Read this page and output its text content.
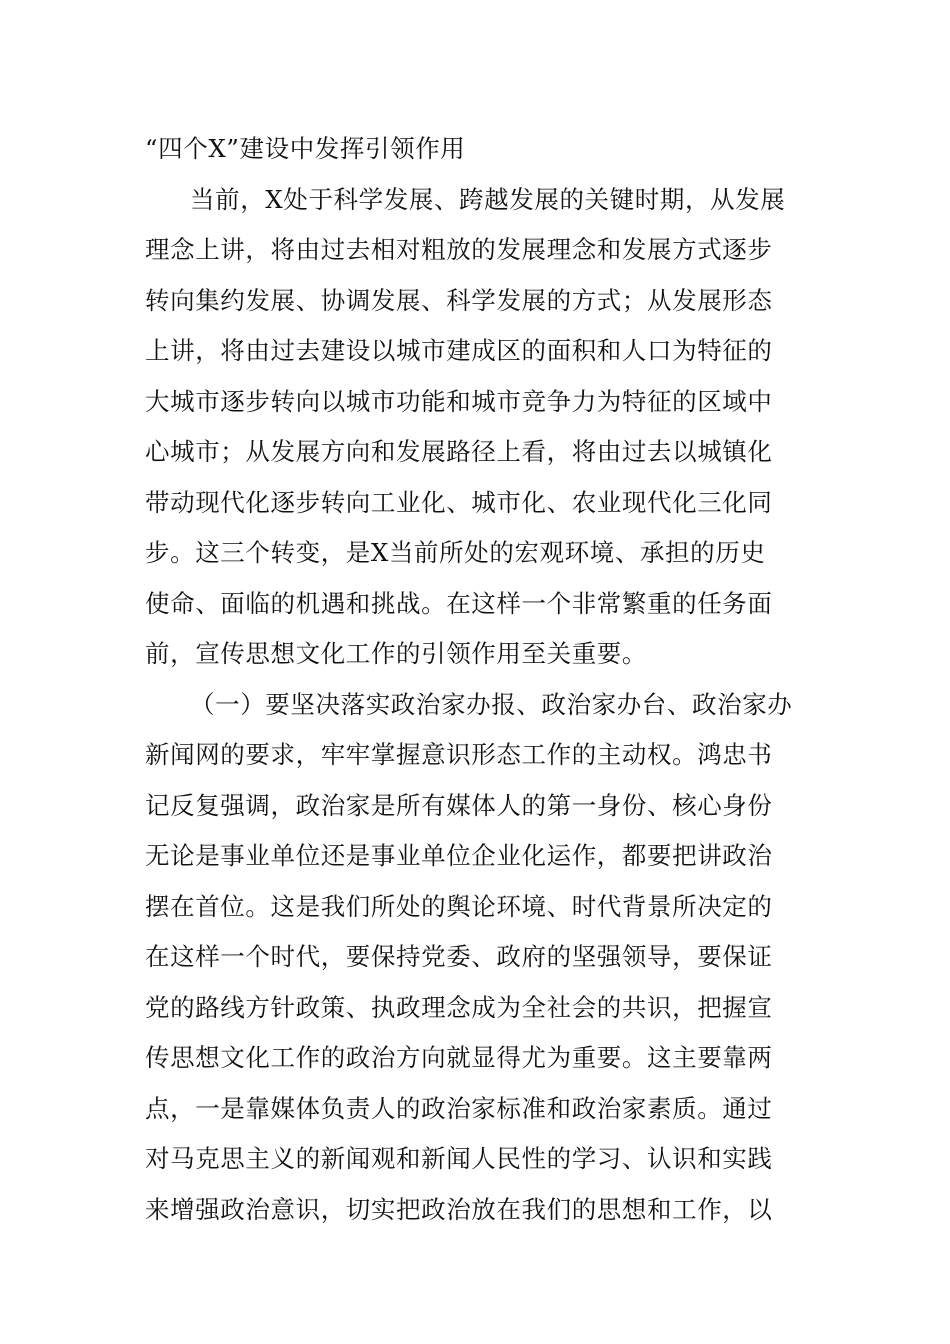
“四个X”建设中发挥引领作用
当前，X处于科学发展、跨越发展的关键时期，从发展
理念上讲，将由过去相对粗放的发展理念和发展方式逐步
转向集约发展、协调发展、科学发展的方式；从发展形态
上讲，将由过去建设以城市建成区的面积和人口为特征的
大城市逐步转向以城市功能和城市竞争力为特征的区域中
心城市；从发展方向和发展路径上看，将由过去以城镇化
带动现代化逐步转向工业化、城市化、农业现代化三化同
步。这三个转变，是X当前所处的宏观环境、承担的历史
使命、面临的机遇和挑战。在这样一个非常繁重的任务面
前，宣传思想文化工作的引领作用至关重要。
（一）要坚决落实政治家办报、政治家办台、政治家办
新闻网的要求，牢牢掌握意识形态工作的主动权。鸿忠书
记反复强调，政治家是所有媒体人的第一身份、核心身份
无论是事业单位还是事业单位企业化运作，都要把讲政治
摆在首位。这是我们所处的舆论环境、时代背景所决定的
在这样一个时代，要保持党委、政府的坚强领导，要保证
党的路线方针政策、执政理念成为全社会的共识，把握宣
传思想文化工作的政治方向就显得尤为重要。这主要靠两
点，一是靠媒体负责人的政治家标准和政治家素质。通过
对马克思主义的新闻观和新闻人民性的学习、认识和实践
来增强政治意识，切实把政治放在我们的思想和工作，以
